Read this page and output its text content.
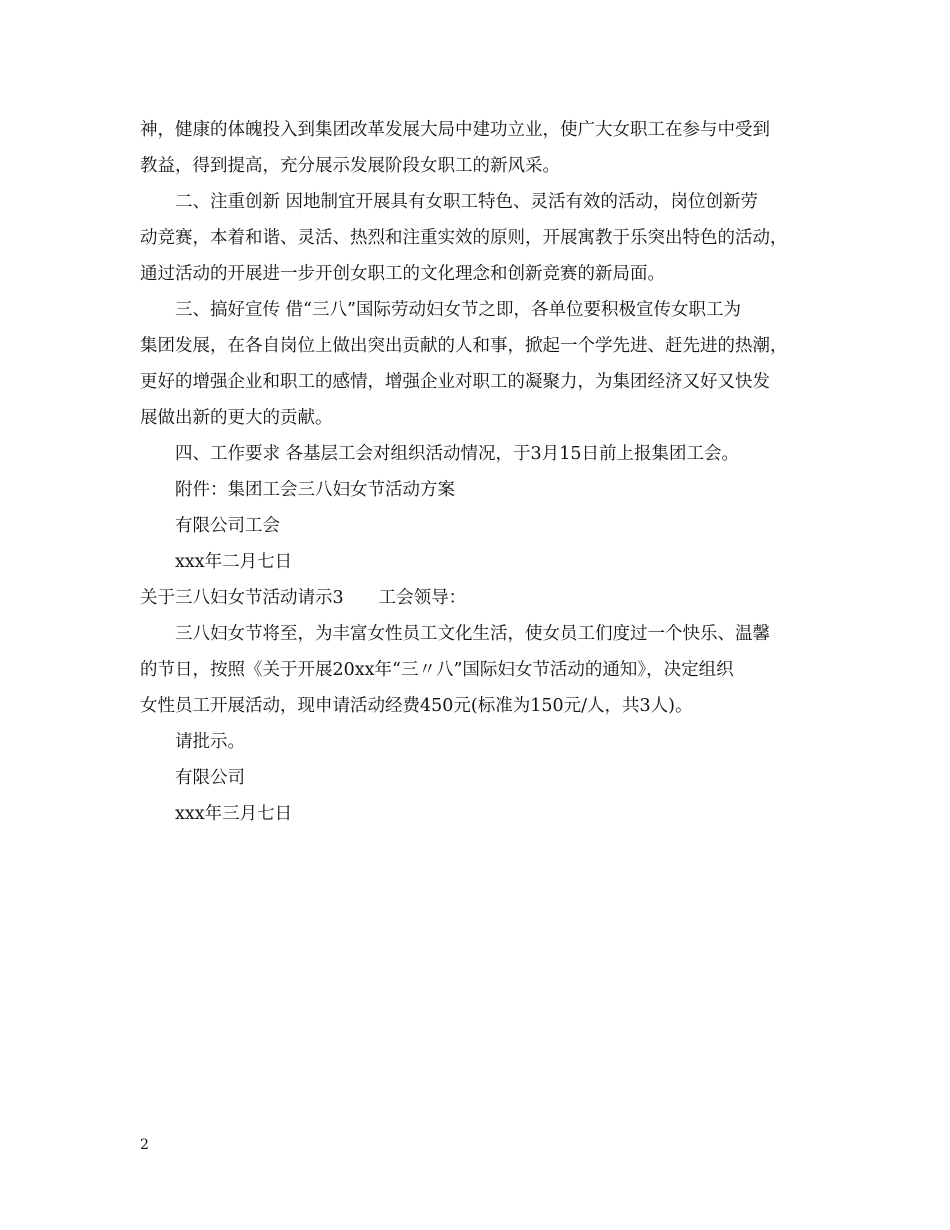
神，健康的体魄投入到集团改革发展大局中建功立业，使广大女职工在参与中受到
教益，得到提高，充分展示发展阶段女职工的新风采。
二、注重创新 因地制宜开展具有女职工特色、灵活有效的活动，岗位创新劳
动竞赛，本着和谐、灵活、热烈和注重实效的原则，开展寓教于乐突出特色的活动，
通过活动的开展进一步开创女职工的文化理念和创新竞赛的新局面。
三、搞好宣传 借“三八”国际劳动妇女节之即，各单位要积极宣传女职工为
集团发展，在各自岗位上做出突出贡献的人和事，掀起一个学先进、赶先进的热潮，
更好的增强企业和职工的感情，增强企业对职工的凝聚力，为集团经济又好又快发
展做出新的更大的贡献。
四、工作要求 各基层工会对组织活动情况，于3月15日前上报集团工会。
附件：集团工会三八妇女节活动方案
有限公司工会
xxx年二月七日
关于三八妇女节活动请示3　　工会领导：
三八妇女节将至，为丰富女性员工文化生活，使女员工们度过一个快乐、温馨
的节日，按照《关于开展20xx年“三〃八”国际妇女节活动的通知》，决定组织
女性员工开展活动，现申请活动经费450元(标准为150元/人，共3人)。
请批示。
有限公司
xxx年三月七日
2
